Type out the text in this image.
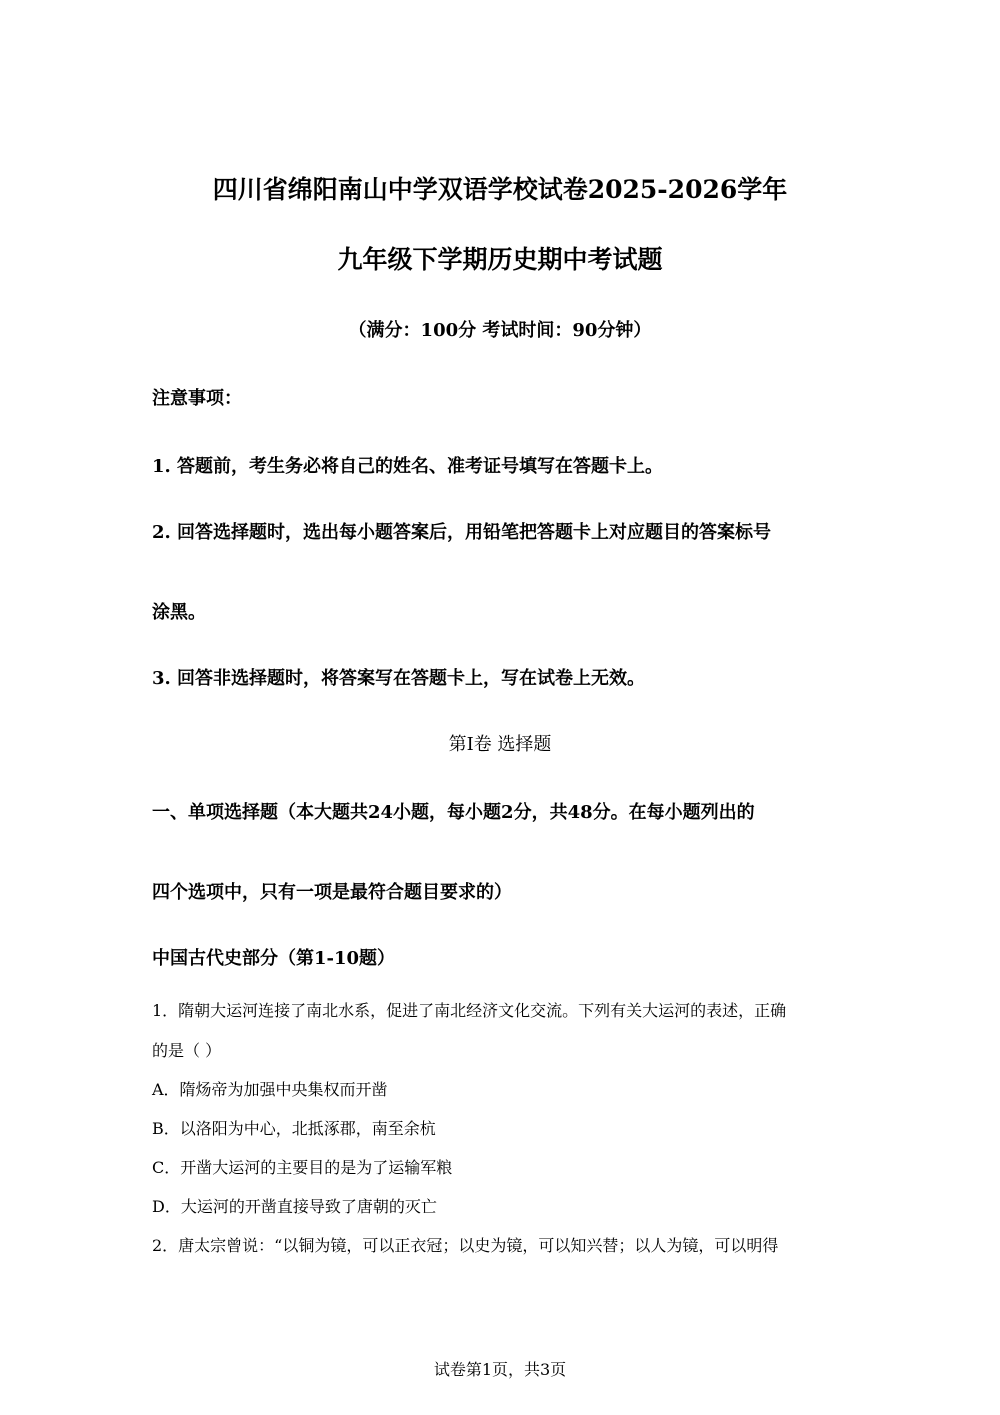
四川省绵阳南山中学双语学校试卷2025-2026学年
九年级下学期历史期中考试题
（满分：100分 考试时间：90分钟）
注意事项：
1. 答题前，考生务必将自己的姓名、准考证号填写在答题卡上。
2. 回答选择题时，选出每小题答案后，用铅笔把答题卡上对应题目的答案标号
涂黑。
3. 回答非选择题时，将答案写在答题卡上，写在试卷上无效。
第Ⅰ卷 选择题
一、单项选择题（本大题共24小题，每小题2分，共48分。在每小题列出的
四个选项中，只有一项是最符合题目要求的）
中国古代史部分（第1-10题）
1．隋朝大运河连接了南北水系，促进了南北经济文化交流。下列有关大运河的表述，正确
的是（ ）
A．隋炀帝为加强中央集权而开凿
B．以洛阳为中心，北抵涿郡，南至余杭
C．开凿大运河的主要目的是为了运输军粮
D．大运河的开凿直接导致了唐朝的灭亡
2．唐太宗曾说：“以铜为镜，可以正衣冠；以史为镜，可以知兴替；以人为镜，可以明得
试卷第1页，共3页
